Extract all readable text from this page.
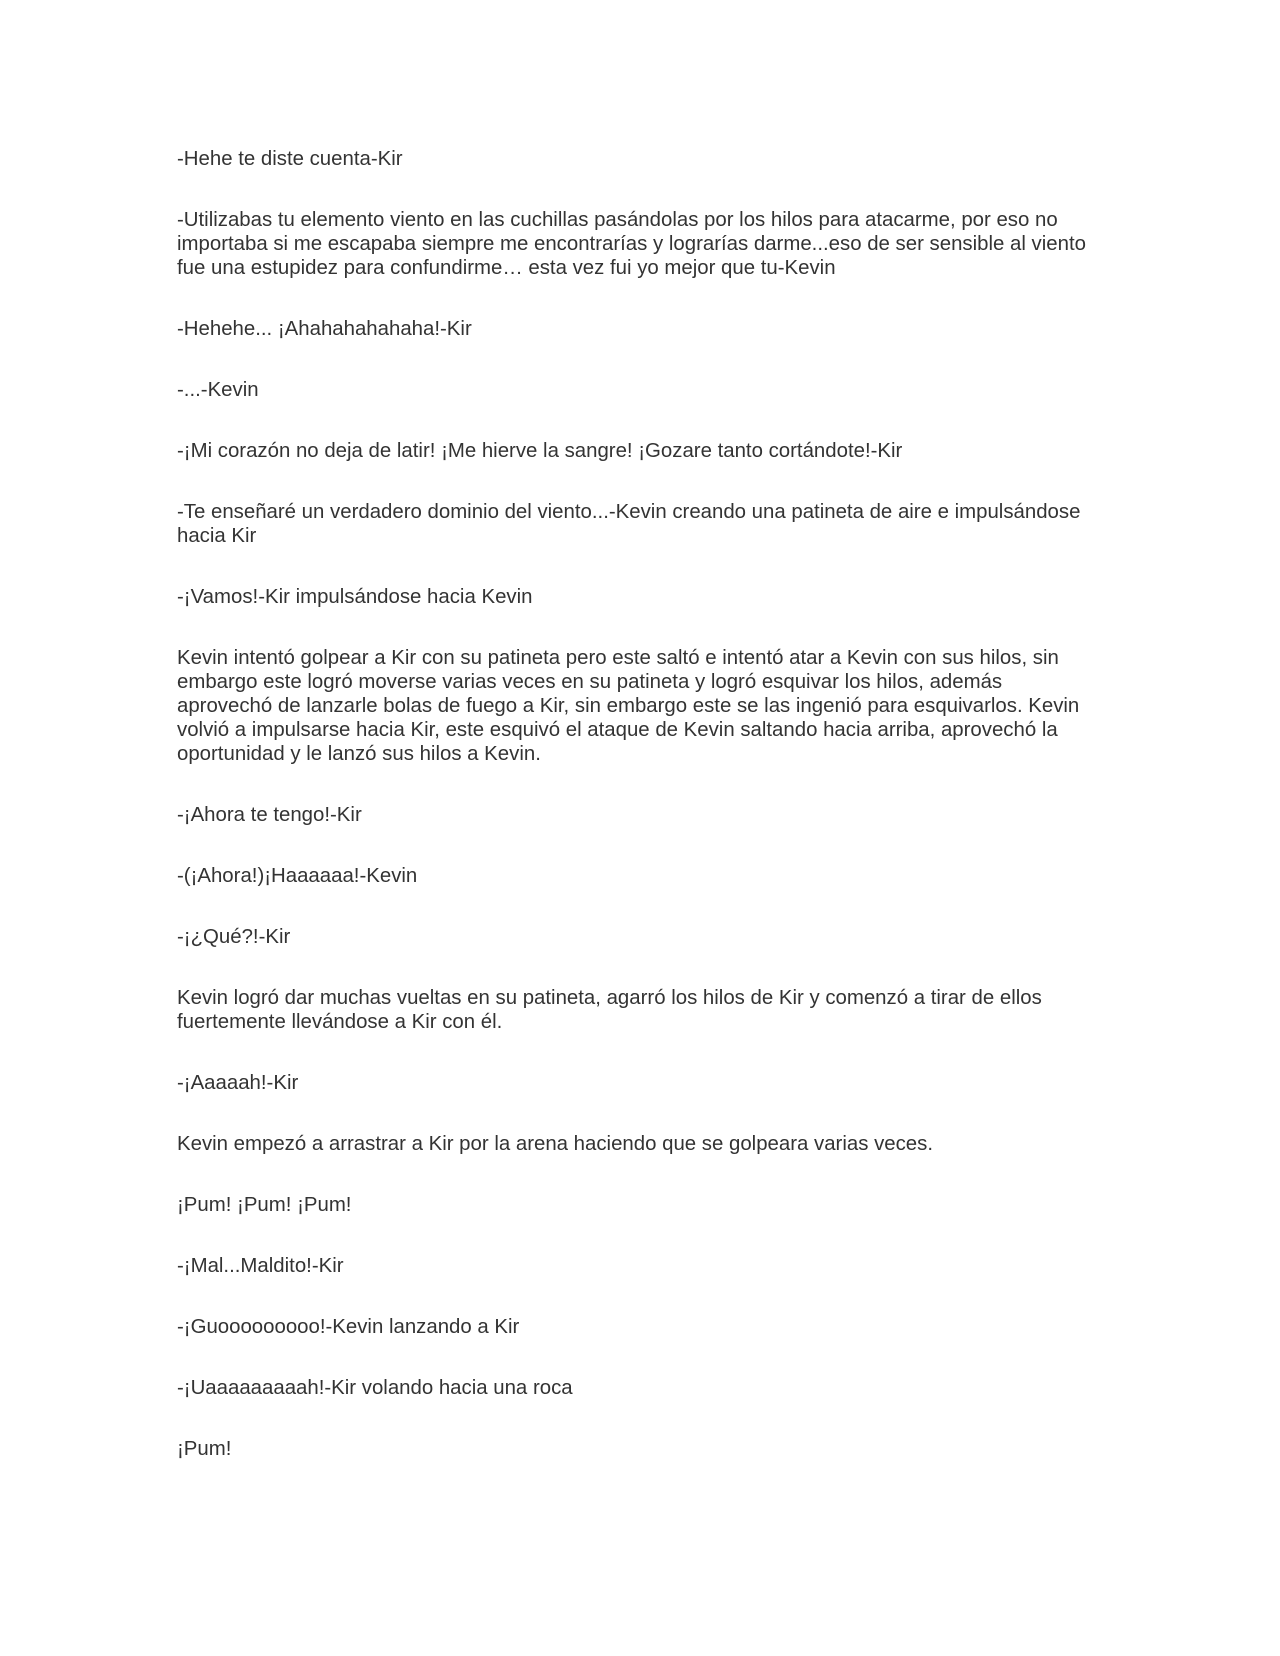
-Hehe te diste cuenta-Kir

-Utilizabas tu elemento viento en las cuchillas pasándolas por los hilos para atacarme, por eso no importaba si me escapaba siempre me encontrarías y lograrías darme...eso de ser sensible al viento fue una estupidez para confundirme… esta vez fui yo mejor que tu-Kevin

-Hehehe... ¡Ahahahahahaha!-Kir

-...-Kevin

-¡Mi corazón no deja de latir! ¡Me hierve la sangre! ¡Gozare tanto cortándote!-Kir

-Te enseñaré un verdadero dominio del viento...-Kevin creando una patineta de aire e impulsándose hacia Kir

-¡Vamos!-Kir impulsándose hacia Kevin

Kevin intentó golpear a Kir con su patineta pero este saltó e intentó atar a Kevin con sus hilos, sin embargo este logró moverse varias veces en su patineta y logró esquivar los hilos, además aprovechó de lanzarle bolas de fuego a Kir, sin embargo este se las ingenió para esquivarlos. Kevin volvió a impulsarse hacia Kir, este esquivó el ataque de Kevin saltando hacia arriba, aprovechó la oportunidad y le lanzó sus hilos a Kevin.

-¡Ahora te tengo!-Kir

-(¡Ahora!)¡Haaaaaa!-Kevin

-¡¿Qué?!-Kir

Kevin logró dar muchas vueltas en su patineta, agarró los hilos de Kir y comenzó a tirar de ellos fuertemente llevándose a Kir con él.

-¡Aaaaah!-Kir

Kevin empezó a arrastrar a Kir por la arena haciendo que se golpeara varias veces.

¡Pum! ¡Pum! ¡Pum!

-¡Mal...Maldito!-Kir

-¡Guooooooooo!-Kevin lanzando a Kir

-¡Uaaaaaaaaah!-Kir volando hacia una roca

¡Pum!
